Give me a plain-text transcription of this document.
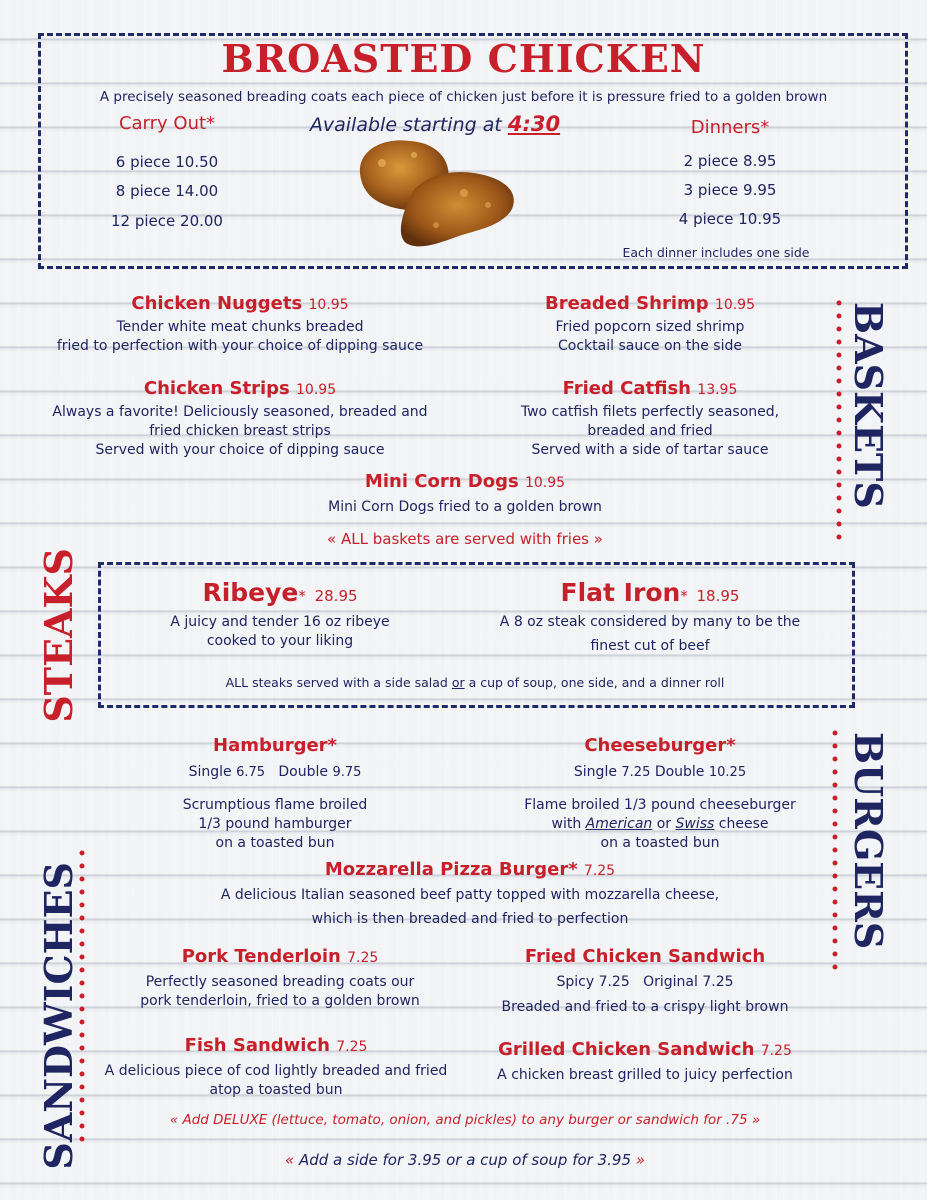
BROASTED CHICKEN
A precisely seasoned breading coats each piece of chicken just before it is pressure fried to a golden brown
Carry Out*
6 piece 10.50
8 piece 14.00
12 piece 20.00
Available starting at 4:30	Dinners*
2 piece 8.95
3 piece 9.95
4 piece 10.95
Each dinner includes one side
BASKETS
Chicken Nuggets 10.95
Tender white meat chunks breaded
fried to perfection with your choice of dipping sauce
Breaded Shrimp 10.95
Fried popcorn sized shrimp
Cocktail sauce on the side
Chicken Strips 10.95
Always a favorite! Deliciously seasoned, breaded and
fried chicken breast strips
Served with your choice of dipping sauce
Fried Catfish 13.95
Two catfish filets perfectly seasoned,
breaded and fried
Served with a side of tartar sauce
Mini Corn Dogs 10.95
Mini Corn Dogs fried to a golden brown
« ALL baskets are served with fries »
STEAKS	Ribeye* 28.95
A juicy and tender 16 oz ribeye
cooked to your liking
Flat Iron* 18.95
A 8 oz steak considered by many to be the
finest cut of beef
ALL steaks served with a side salad or a cup of soup, one side, and a dinner roll
BURGERS
Hamburger*
Single 6.75 Double 9.75
Scrumptious flame broiled
1/3 pound hamburger
on a toasted bun
Cheeseburger*
Single 7.25 Double 10.25
Flame broiled 1/3 pound cheeseburger
with American or Swiss cheese
on a toasted bun
Mozzarella Pizza Burger* 7.25
A delicious Italian seasoned beef patty topped with mozzarella cheese,
which is then breaded and fried to perfection
SANDWICHES	Pork Tenderloin 7.25
Perfectly seasoned breading coats our
pork tenderloin, fried to a golden brown
Fried Chicken Sandwich
Spicy 7.25 Original 7.25
Breaded and fried to a crispy light brown
Fish Sandwich 7.25
A delicious piece of cod lightly breaded and fried
atop a toasted bun
Grilled Chicken Sandwich 7.25
A chicken breast grilled to juicy perfection
« Add DELUXE (lettuce, tomato, onion, and pickles) to any burger or sandwich for .75 »
« Add a side for 3.95 or a cup of soup for 3.95 »
